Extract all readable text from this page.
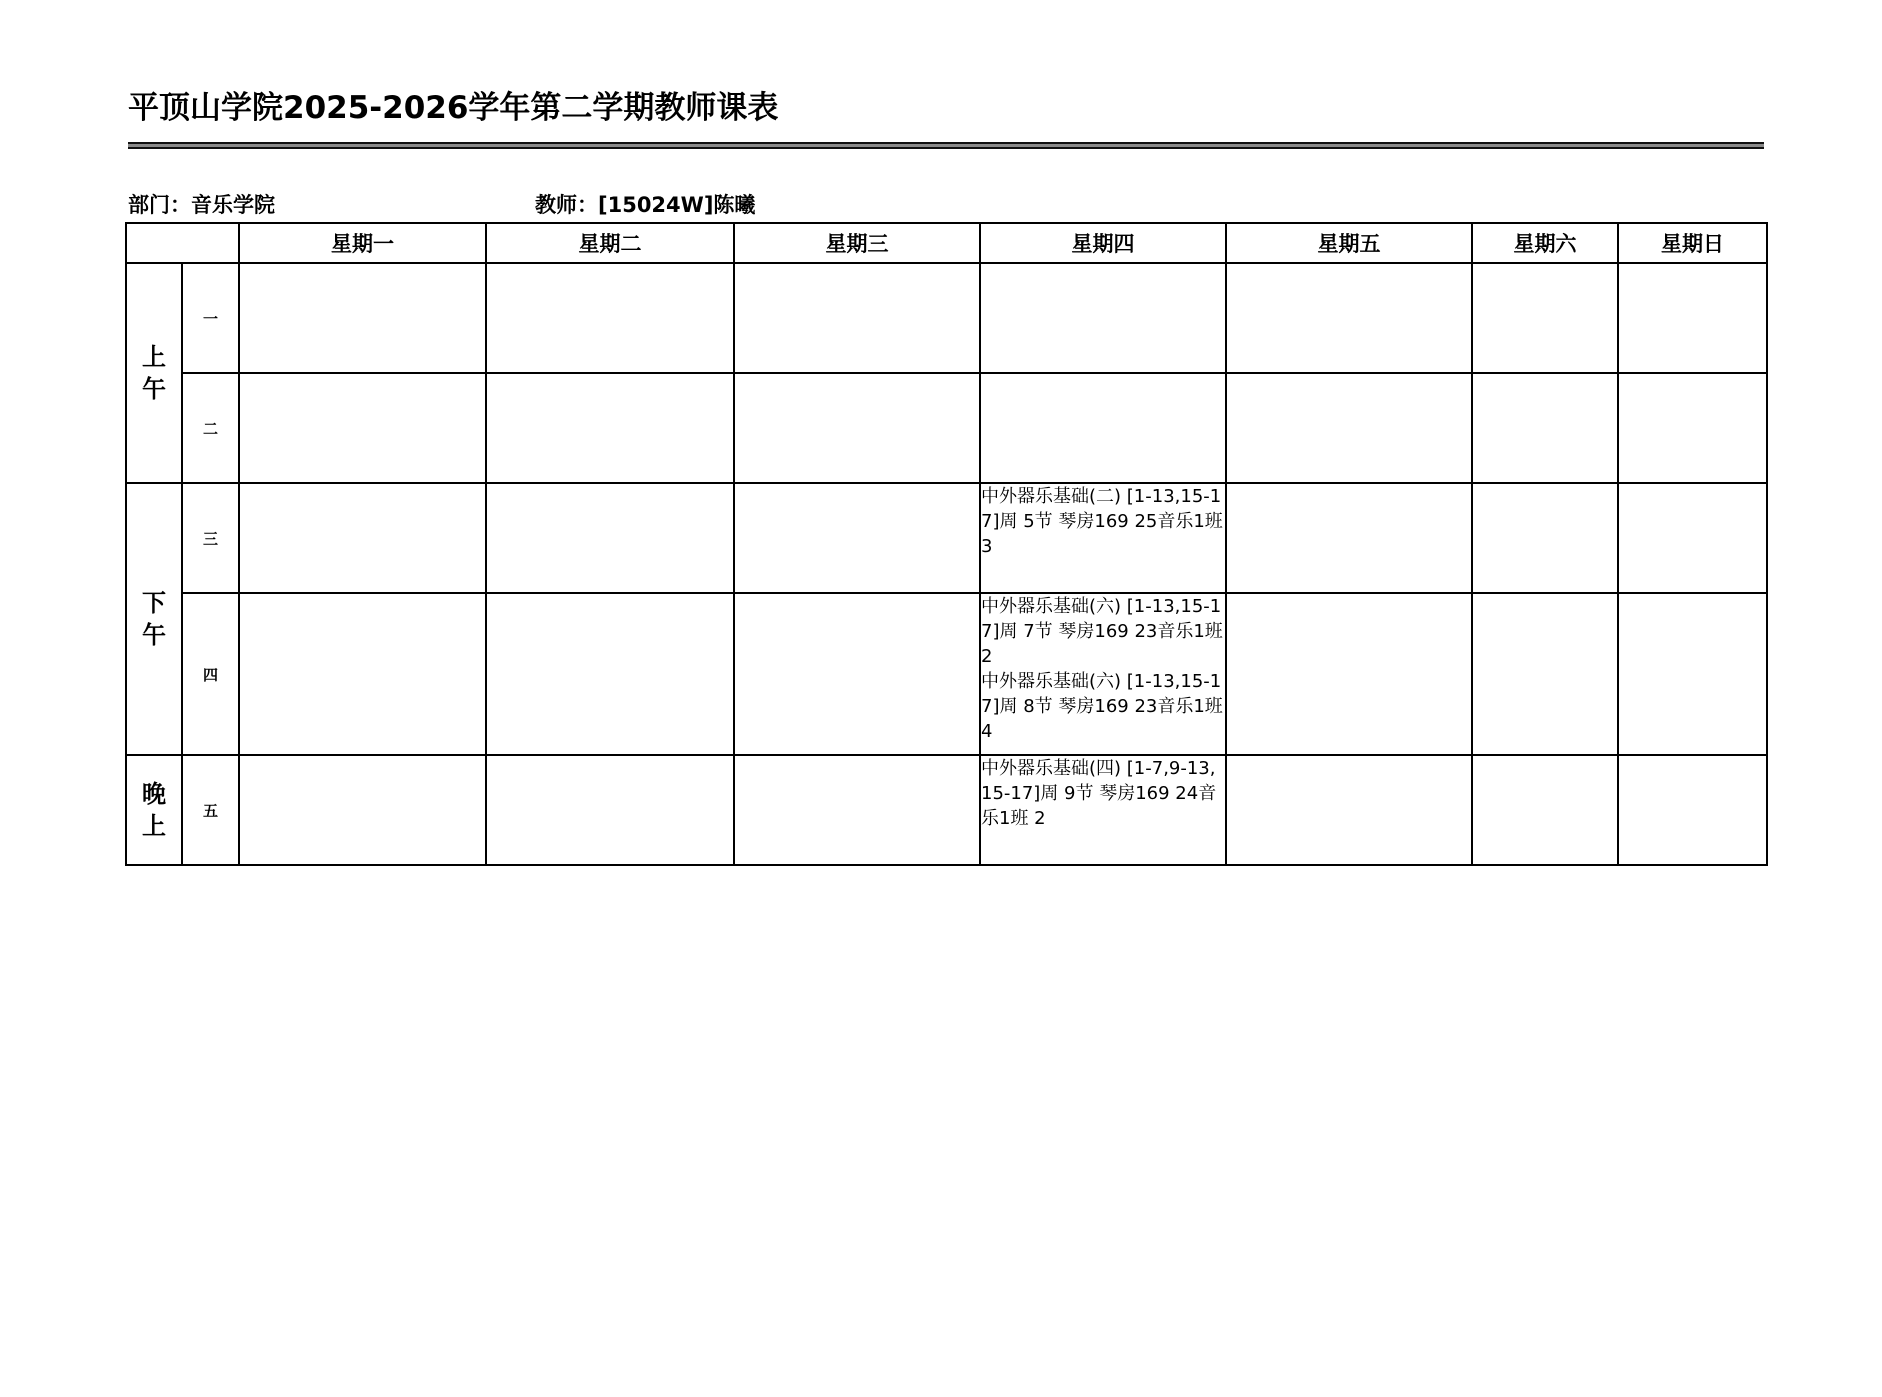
平顶山学院2025-2026学年第二学期教师课表
部门：音乐学院	教师：[15024W]陈曦
		星期一	星期二	星期三	星期四	星期五	星期六	星期日
上
午	一							
	二							
下
午	三				中外器乐基础(二) [1-13,15-17]周 5节 琴房169 25音乐1班 3			

	四				中外器乐基础(六) [1-13,15-17]周 7节 琴房169 23音乐1班 2
中外器乐基础(六) [1-13,15-17]周 8节 琴房169 23音乐1班 4			

晚
上	五				中外器乐基础(四) [1-7,9-13,15-17]周 9节 琴房169 24音乐1班 2			
